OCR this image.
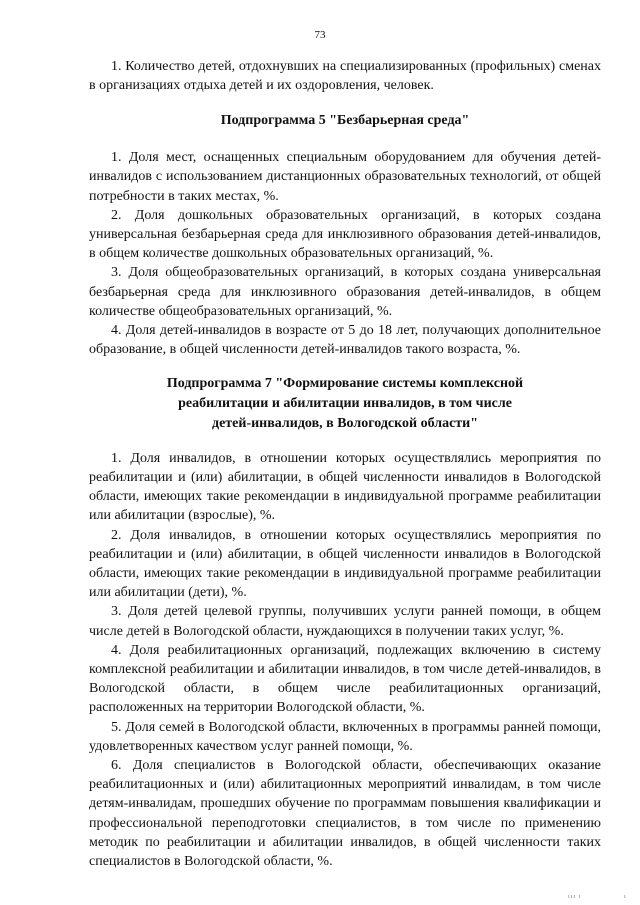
73

1. Количество детей, отдохнувших на специализированных (профильных) сменах в организациях отдыха детей и их оздоровления, человек.

Подпрограмма 5 "Безбарьерная среда"

1. Доля мест, оснащенных специальным оборудованием для обучения детей-инвалидов с использованием дистанционных образовательных технологий, от общей потребности в таких местах, %.

2. Доля дошкольных образовательных организаций, в которых создана универсальная безбарьерная среда для инклюзивного образования детей-инвалидов, в общем количестве дошкольных образовательных организаций, %.

3. Доля общеобразовательных организаций, в которых создана универсальная безбарьерная среда для инклюзивного образования детей-инвалидов, в общем количестве общеобразовательных организаций, %.

4. Доля детей-инвалидов в возрасте от 5 до 18 лет, получающих дополнительное образование, в общей численности детей-инвалидов такого возраста, %.

Подпрограмма 7 "Формирование системы комплексной
реабилитации и абилитации инвалидов, в том числе
детей-инвалидов, в Вологодской области"

1. Доля инвалидов, в отношении которых осуществлялись мероприятия по реабилитации и (или) абилитации, в общей численности инвалидов в Вологодской области, имеющих такие рекомендации в индивидуальной программе реабилитации или абилитации (взрослые), %.

2. Доля инвалидов, в отношении которых осуществлялись мероприятия по реабилитации и (или) абилитации, в общей численности инвалидов в Вологодской области, имеющих такие рекомендации в индивидуальной программе реабилитации или абилитации (дети), %.

3. Доля детей целевой группы, получивших услуги ранней помощи, в общем числе детей в Вологодской области, нуждающихся в получении таких услуг, %.

4. Доля реабилитационных организаций, подлежащих включению в систему комплексной реабилитации и абилитации инвалидов, в том числе детей-инвалидов, в Вологодской области, в общем числе реабилитационных организаций, расположенных на территории Вологодской области, %.

5. Доля семей в Вологодской области, включенных в программы ранней помощи, удовлетворенных качеством услуг ранней помощи, %.

6. Доля специалистов в Вологодской области, обеспечивающих оказание реабилитационных и (или) абилитационных мероприятий инвалидам, в том числе детям-инвалидам, прошедших обучение по программам повышения квалификации и профессиональной переподготовки специалистов, в том числе по применению методик по реабилитации и абилитации инвалидов, в общей численности таких специалистов в Вологодской области, %.

ııı ı	ı
